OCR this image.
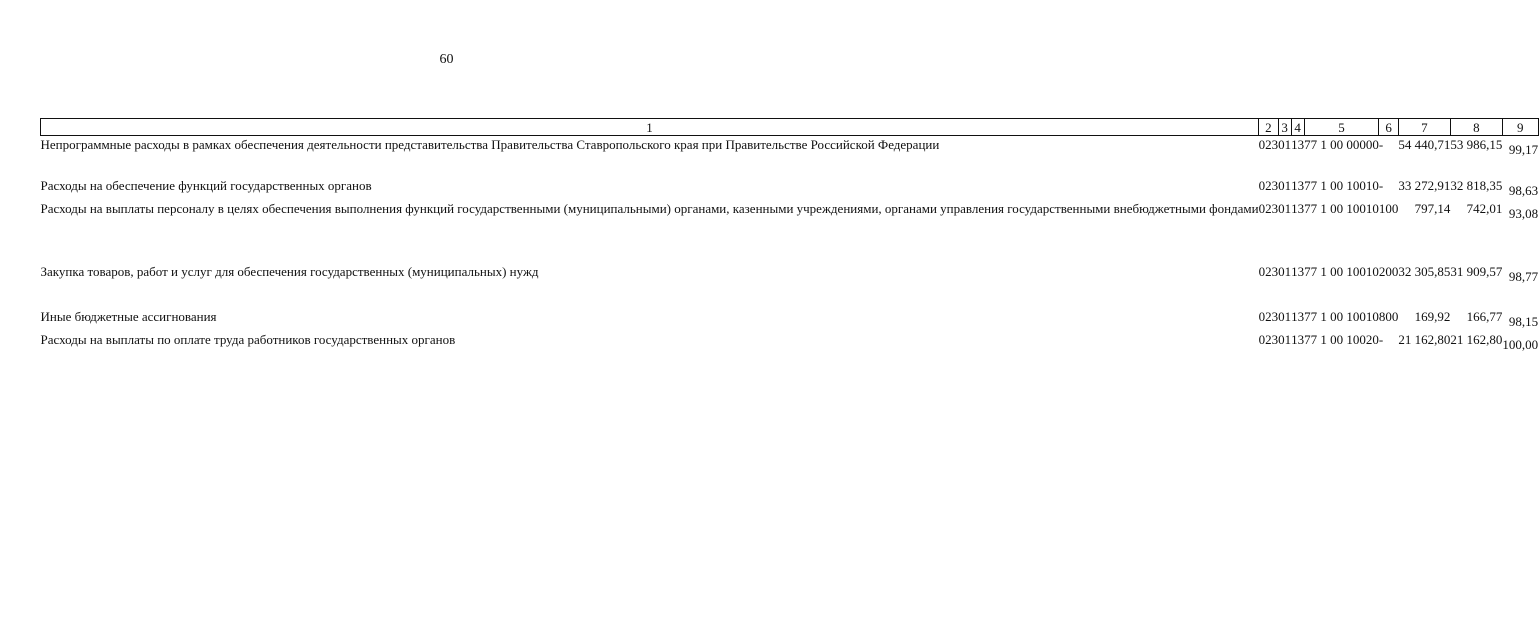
60
1	2	3	4	5	6	7	8	9
Непрограммные расходы в рамках обеспечения деятельности представительства Правительства Ставропольского края при Правительстве Российской Федерации	023	01	13	77 1 00 00000	-	54 440,71	53 986,15	99,17

Расходы на обеспечение функций государственных органов	023	01	13	77 1 00 10010	-	33 272,91	32 818,35	98,63
Расходы на выплаты персоналу в целях обеспечения выполнения функций государственными (муниципальными) органами, казенными учреждениями, органами управления государственными внебюджетными фондами	023	01	13	77 1 00 10010	100	797,14	742,01	93,08

Закупка товаров, работ и услуг для обеспечения государственных (муниципальных) нужд	023	01	13	77 1 00 10010	200	32 305,85	31 909,57	98,77

Иные бюджетные ассигнования	023	01	13	77 1 00 10010	800	169,92	166,77	98,15
Расходы на выплаты по оплате труда работников государственных органов	023	01	13	77 1 00 10020	-	21 162,80	21 162,80	100,00
